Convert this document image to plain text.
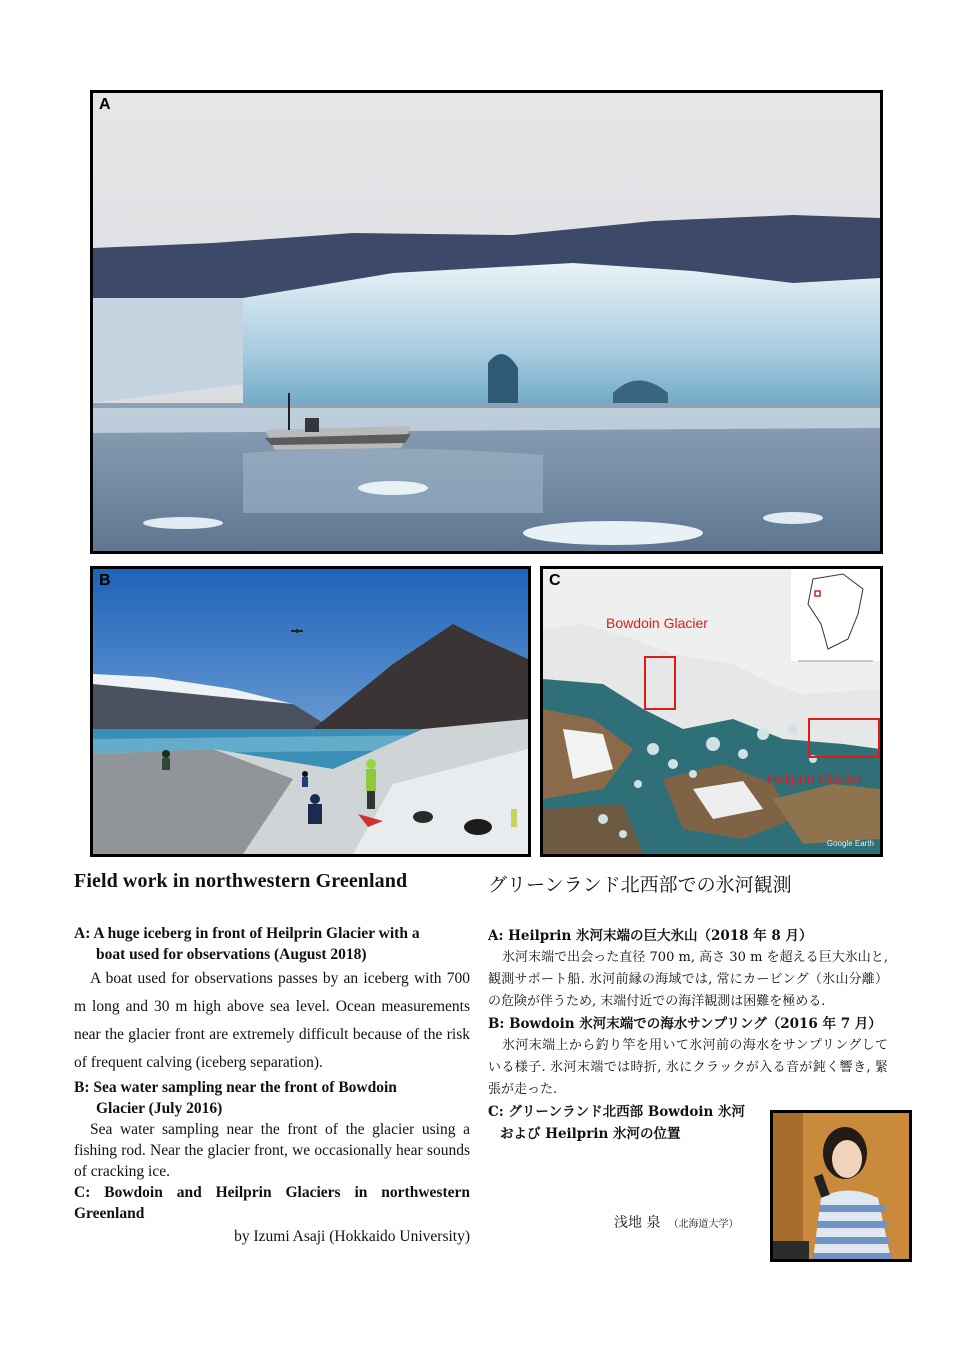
A
B	C
Bowdoin Glacier
Heilprin Glacier
Google Earth
Field work in northwestern Greenland
A: A huge iceberg in front of Heilprin Glacier with a
boat used for observations (August 2018)
A boat used for observations passes by an iceberg with 700 m long and 30 m high above sea level. Ocean measurements near the glacier front are extremely difficult because of the risk of frequent calving (iceberg separation).
B: Sea water sampling near the front of Bowdoin
Glacier (July 2016)
Sea water sampling near the front of the glacier using a fishing rod. Near the glacier front, we occasionally hear sounds of cracking ice.
C: Bowdoin and Heilprin Glaciers in northwestern Greenland
by Izumi Asaji (Hokkaido University)
グリーンランド北西部での氷河観測
A: Heilprin 氷河末端の巨大氷山（2018 年 8 月）
氷河末端で出会った直径 700 m, 高さ 30 m を超える巨大氷山と, 観測サポート船. 氷河前縁の海域では, 常にカービング（氷山分離）の危険が伴うため, 末端付近での海洋観測は困難を極める.
B: Bowdoin 氷河末端での海水サンプリング（2016 年 7 月）
氷河末端上から釣り竿を用いて氷河前の海水をサンプリングしている様子. 氷河末端では時折, 氷にクラックが入る音が鈍く響き, 緊張が走った.
C: グリーンランド北西部 Bowdoin 氷河
および Heilprin 氷河の位置
浅地 泉 （北海道大学）
